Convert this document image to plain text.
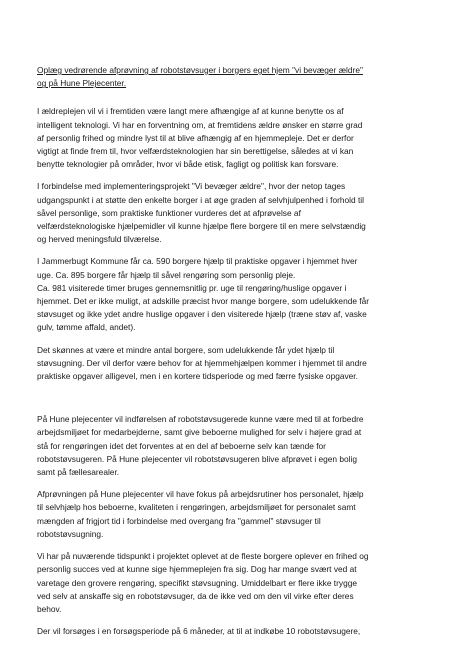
Oplæg vedrørende afprøvning af robotstøvsuger i borgers eget hjem "vi bevæger ældre"
og på Hune Plejecenter.

I ældreplejen vil vi i fremtiden være langt mere afhængige af at kunne benytte os af
intelligent teknologi. Vi har en forventning om, at fremtidens ældre ønsker en større grad
af personlig frihed og mindre lyst til at blive afhængig af en hjemmepleje. Det er derfor
vigtigt at finde frem til, hvor velfærdsteknologien har sin berettigelse, således at vi kan
benytte teknologier på områder, hvor vi både etisk, fagligt og politisk kan forsvare.

I forbindelse med implementeringsprojekt "Vi bevæger ældre", hvor der netop tages
udgangspunkt i at støtte den enkelte borger i at øge graden af selvhjulpenhed i forhold til
såvel personlige, som praktiske funktioner vurderes det at afprøvelse af
velfærdsteknologiske hjælpemidler vil kunne hjælpe flere borgere til en mere selvstændig
og herved meningsfuld tilværelse.

I Jammerbugt Kommune får ca. 590 borgere hjælp til praktiske opgaver i hjemmet hver
uge. Ca. 895 borgere får hjælp til såvel rengøring som personlig pleje.
Ca. 981 visiterede timer bruges gennemsnitlig pr. uge til rengøring/huslige opgaver i
hjemmet. Det er ikke muligt, at adskille præcist hvor mange borgere, som udelukkende får
støvsuget og ikke ydet andre huslige opgaver i den visiterede hjælp (træne støv af, vaske
gulv, tømme affald, andet).

Det skønnes at være et mindre antal borgere, som udelukkende får ydet hjælp til
støvsugning. Der vil derfor være behov for at hjemmehjælpen kommer i hjemmet til andre
praktiske opgaver alligevel, men i en kortere tidsperiode og med færre fysiske opgaver.

På Hune plejecenter vil indførelsen af robotstøvsugerede kunne være med til at forbedre
arbejdsmiljøet for medarbejderne, samt give beboerne mulighed for selv i højere grad at
stå for rengøringen idet det forventes at en del af beboerne selv kan tænde for
robotstøvsugeren. På Hune plejecenter vil robotstøvsugeren blive afprøvet i egen bolig
samt på fællesarealer.

Afprøvningen på Hune plejecenter vil have fokus på arbejdsrutiner hos personalet, hjælp
til selvhjælp hos beboerne, kvaliteten i rengøringen, arbejdsmiljøet for personalet samt
mængden af frigjort tid i forbindelse med overgang fra "gammel" støvsuger til
robotstøvsugning.

Vi har på nuværende tidspunkt i projektet oplevet at de fleste borgere oplever en frihed og
personlig succes ved at kunne sige hjemmeplejen fra sig. Dog har mange svært ved at
varetage den grovere rengøring, specifikt støvsugning. Umiddelbart er flere ikke trygge
ved selv at anskaffe sig en robotstøvsuger, da de ikke ved om den vil virke efter deres
behov.

Der vil forsøges i en forsøgsperiode på 6 måneder, at til at indkøbe 10 robotstøvsugere,
